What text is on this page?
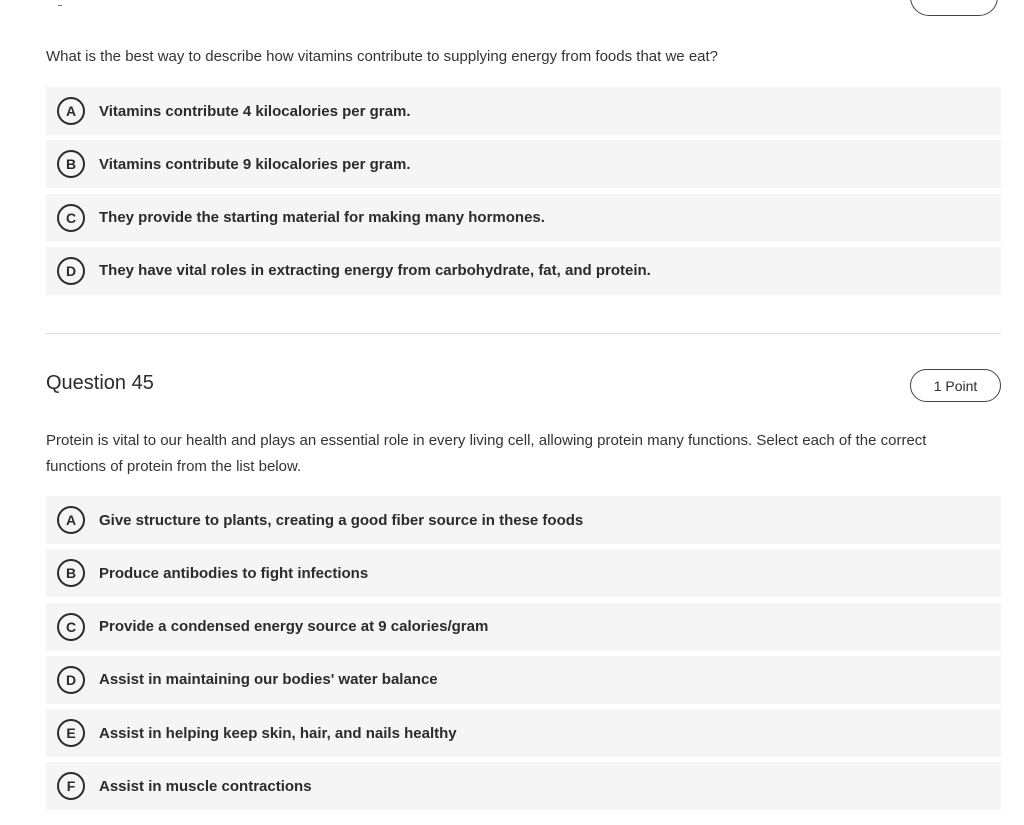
What is the best way to describe how vitamins contribute to supplying energy from foods that we eat?
A	Vitamins contribute 4 kilocalories per gram.
B	Vitamins contribute 9 kilocalories per gram.
C	They provide the starting material for making many hormones.
D	They have vital roles in extracting energy from carbohydrate, fat, and protein.
Question 45	1 Point
Protein is vital to our health and plays an essential role in every living cell, allowing protein many functions. Select each of the correct functions of protein from the list below.
A	Give structure to plants, creating a good fiber source in these foods
B	Produce antibodies to fight infections
C	Provide a condensed energy source at 9 calories/gram
D	Assist in maintaining our bodies' water balance
E	Assist in helping keep skin, hair, and nails healthy
F	Assist in muscle contractions
